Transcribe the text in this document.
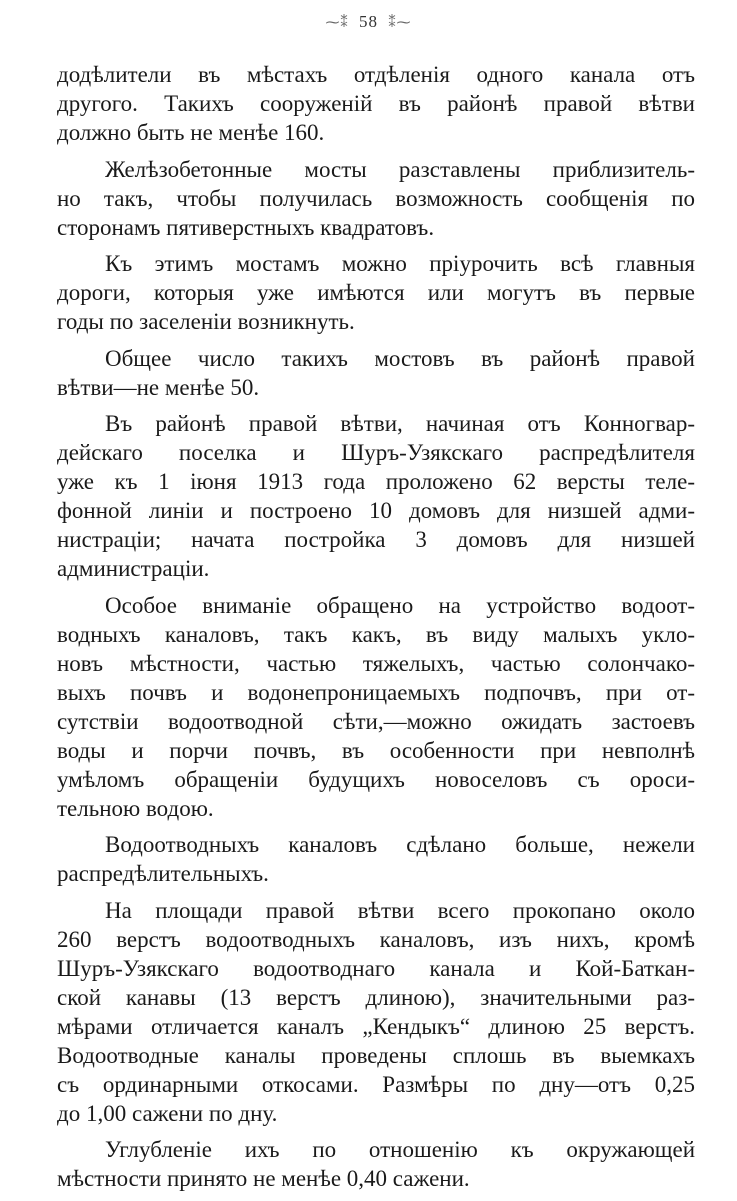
⁓⁑ 58 ⁑⁓
додѣлители въ мѣстахъ отдѣленія одного канала отъ
другого. Такихъ сооруженій въ районѣ правой вѣтви
должно быть не менѣе 160.
Желѣзобетонные мосты разставлены приблизитель-
но такъ, чтобы получилась возможность сообщенія по
сторонамъ пятиверстныхъ квадратовъ.
Къ этимъ мостамъ можно пріурочить всѣ главныя
дороги, которыя уже имѣются или могутъ въ первые
годы по заселеніи возникнуть.
Общее число такихъ мостовъ въ районѣ правой
вѣтви—не менѣе 50.
Въ районѣ правой вѣтви, начиная отъ Конногвар-
дейскаго поселка и Шуръ-Узякскаго распредѣлителя
уже къ 1 іюня 1913 года проложено 62 версты теле-
фонной линіи и построено 10 домовъ для низшей адми-
нистраціи; начата постройка 3 домовъ для низшей
администраціи.
Особое вниманіе обращено на устройство водоот-
водныхъ каналовъ, такъ какъ, въ виду малыхъ укло-
новъ мѣстности, частью тяжелыхъ, частью солончако-
выхъ почвъ и водонепроницаемыхъ подпочвъ, при от-
сутствіи водоотводной сѣти,—можно ожидать застоевъ
воды и порчи почвъ, въ особенности при невполнѣ
умѣломъ обращеніи будущихъ новоселовъ съ ороси-
тельною водою.
Водоотводныхъ каналовъ сдѣлано больше, нежели
распредѣлительныхъ.
На площади правой вѣтви всего прокопано около
260 верстъ водоотводныхъ каналовъ, изъ нихъ, кромѣ
Шуръ-Узякскаго водоотводнаго канала и Кой-Баткан-
ской канавы (13 верстъ длиною), значительными раз-
мѣрами отличается каналъ „Кендыкъ“ длиною 25 верстъ.
Водоотводные каналы проведены сплошь въ выемкахъ
съ ординарными откосами. Размѣры по дну—отъ 0,25
до 1,00 сажени по дну.
Углубленіе ихъ по отношенію къ окружающей
мѣстности принято не менѣе 0,40 сажени.
